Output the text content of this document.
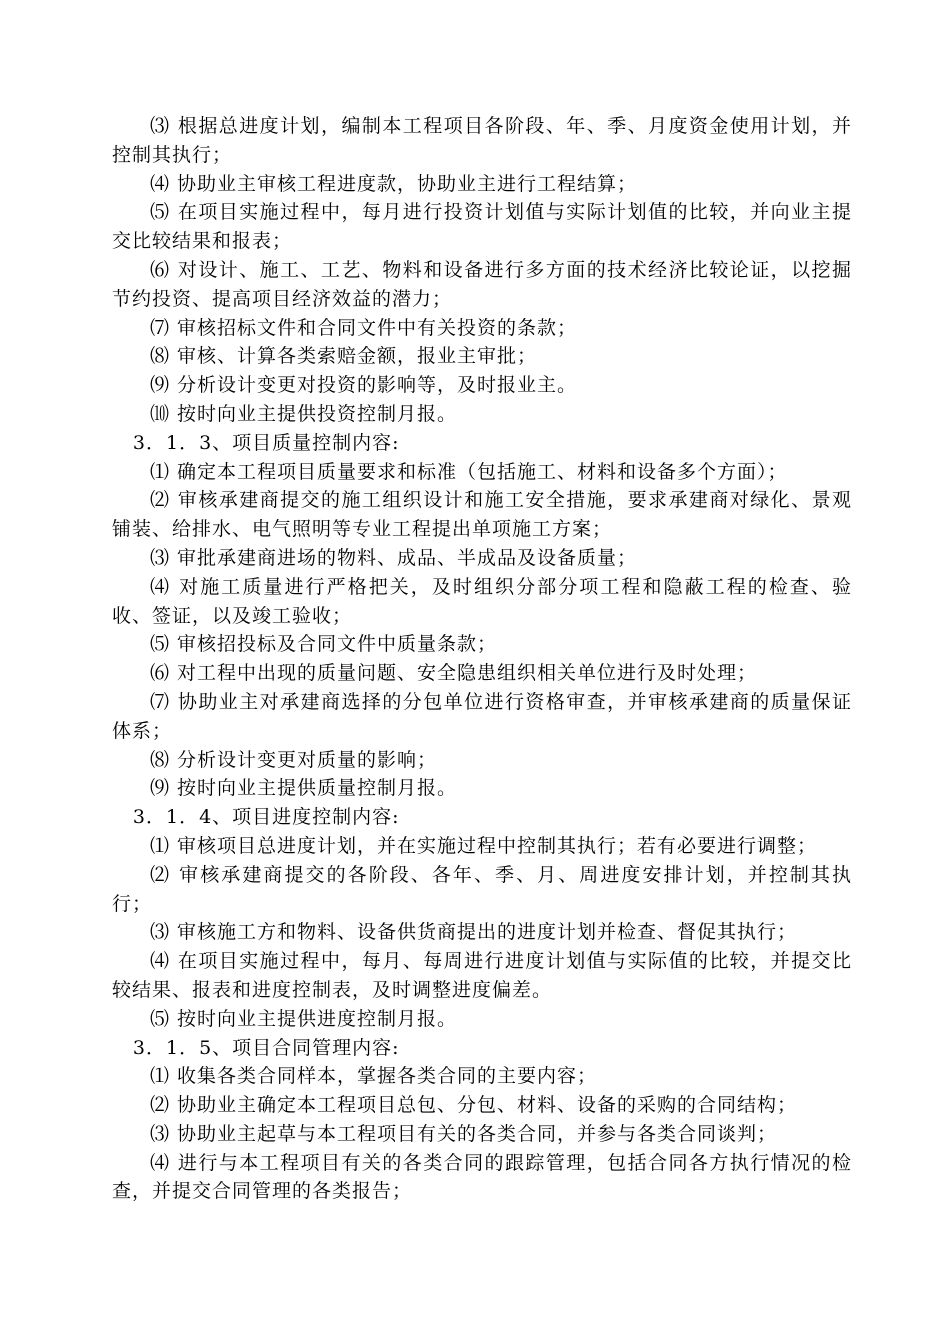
⑶ 根据总进度计划，编制本工程项目各阶段、年、季、月度资金使用计划，并控制其执行；

⑷ 协助业主审核工程进度款，协助业主进行工程结算；

⑸ 在项目实施过程中，每月进行投资计划值与实际计划值的比较，并向业主提交比较结果和报表；

⑹ 对设计、施工、工艺、物料和设备进行多方面的技术经济比较论证，以挖掘节约投资、提高项目经济效益的潜力；

⑺ 审核招标文件和合同文件中有关投资的条款；

⑻ 审核、计算各类索赔金额，报业主审批；

⑼ 分析设计变更对投资的影响等，及时报业主。

⑽ 按时向业主提供投资控制月报。

3．1．3、项目质量控制内容:

⑴ 确定本工程项目质量要求和标准（包括施工、材料和设备多个方面）；

⑵ 审核承建商提交的施工组织设计和施工安全措施，要求承建商对绿化、景观铺装、给排水、电气照明等专业工程提出单项施工方案；

⑶ 审批承建商进场的物料、成品、半成品及设备质量；

⑷ 对施工质量进行严格把关，及时组织分部分项工程和隐蔽工程的检查、验收、签证，以及竣工验收；

⑸ 审核招投标及合同文件中质量条款；

⑹ 对工程中出现的质量问题、安全隐患组织相关单位进行及时处理；

⑺ 协助业主对承建商选择的分包单位进行资格审查，并审核承建商的质量保证体系；

⑻ 分析设计变更对质量的影响；

⑼ 按时向业主提供质量控制月报。

3．1．4、项目进度控制内容:

⑴ 审核项目总进度计划，并在实施过程中控制其执行；若有必要进行调整；

⑵ 审核承建商提交的各阶段、各年、季、月、周进度安排计划，并控制其执行；

⑶ 审核施工方和物料、设备供货商提出的进度计划并检查、督促其执行；

⑷ 在项目实施过程中，每月、每周进行进度计划值与实际值的比较，并提交比较结果、报表和进度控制表，及时调整进度偏差。

⑸ 按时向业主提供进度控制月报。

3．1．5、项目合同管理内容:

⑴ 收集各类合同样本，掌握各类合同的主要内容；

⑵ 协助业主确定本工程项目总包、分包、材料、设备的采购的合同结构；

⑶ 协助业主起草与本工程项目有关的各类合同，并参与各类合同谈判；

⑷ 进行与本工程项目有关的各类合同的跟踪管理，包括合同各方执行情况的检查，并提交合同管理的各类报告；
